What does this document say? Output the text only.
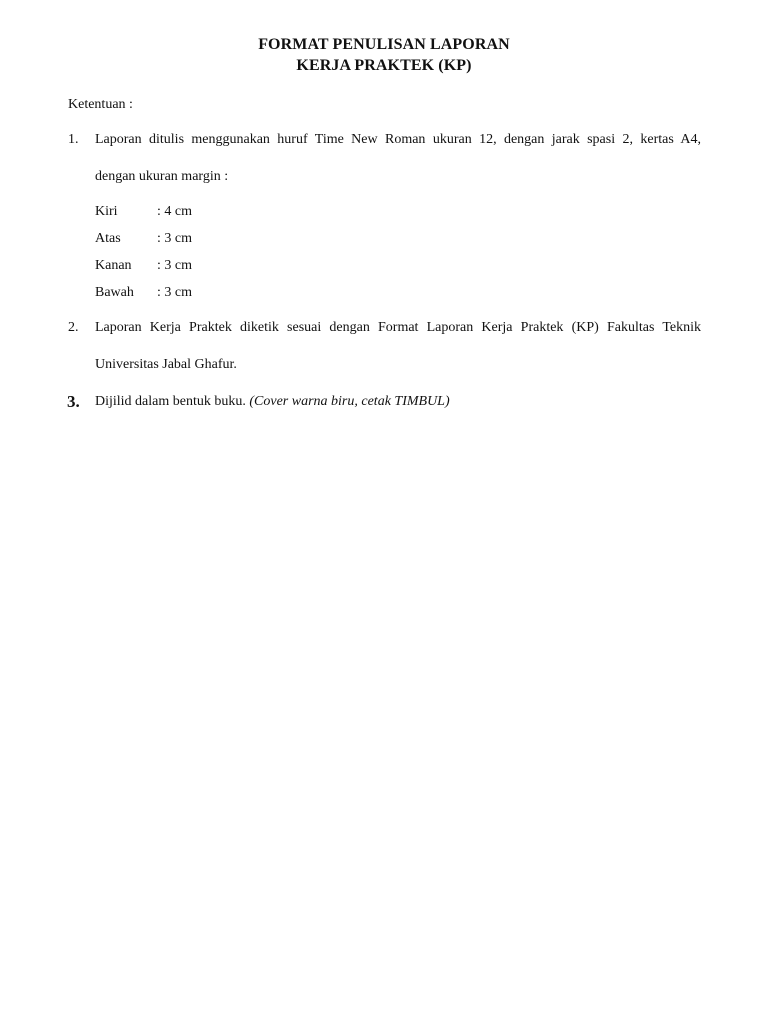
FORMAT PENULISAN LAPORAN
KERJA PRAKTEK (KP)
Ketentuan :
1. Laporan ditulis menggunakan huruf Time New Roman ukuran 12, dengan jarak spasi 2, kertas A4,
dengan ukuran margin :
Kiri	: 4 cm
Atas	: 3 cm
Kanan : 3 cm
Bawah : 3 cm
2. Laporan Kerja Praktek diketik sesuai dengan Format Laporan Kerja Praktek (KP) Fakultas Teknik
Universitas Jabal Ghafur.
3. Dijilid dalam bentuk buku. (Cover warna biru, cetak TIMBUL)
